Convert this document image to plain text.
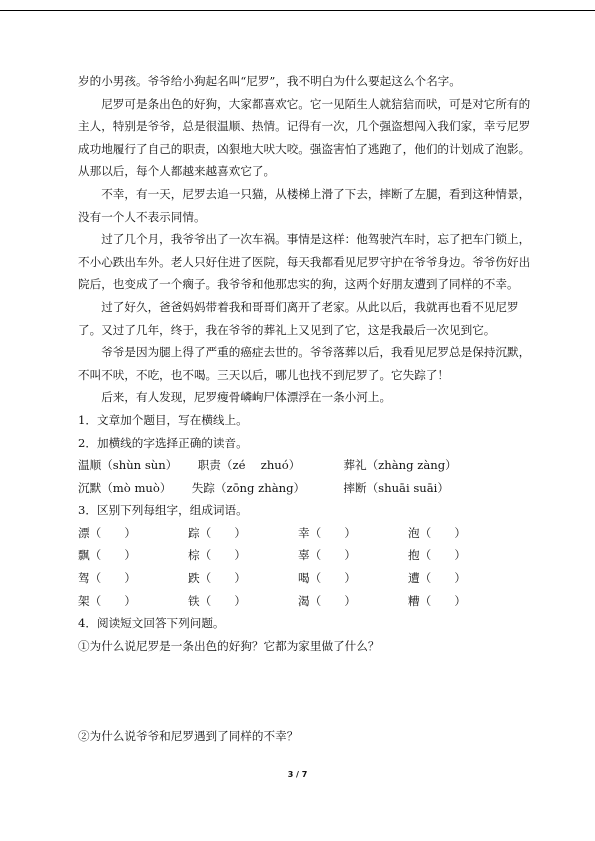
岁的小男孩。爷爷给小狗起名叫“尼罗”，我不明白为什么要起这么个名字。

尼罗可是条出色的好狗，大家都喜欢它。它一见陌生人就狺狺而吠，可是对它所有的主人，特别是爷爷，总是很温顺、热情。记得有一次，几个强盗想闯入我们家，幸亏尼罗成功地履行了自己的职责，凶狠地大吠大咬。强盗害怕了逃跑了，他们的计划成了泡影。从那以后，每个人都越来越喜欢它了。

不幸，有一天，尼罗去追一只猫，从楼梯上滑了下去，摔断了左腿，看到这种情景，没有一个人不表示同情。

过了几个月，我爷爷出了一次车祸。事情是这样：他驾驶汽车时，忘了把车门锁上，不小心跌出车外。老人只好住进了医院，每天我都看见尼罗守护在爷爷身边。爷爷伤好出院后，也变成了一个瘸子。我爷爷和他那忠实的狗，这两个好朋友遭到了同样的不幸。

过了好久，爸爸妈妈带着我和哥哥们离开了老家。从此以后，我就再也看不见尼罗了。又过了几年，终于，我在爷爷的葬礼上又见到了它，这是我最后一次见到它。

爷爷是因为腿上得了严重的癌症去世的。爷爷落葬以后，我看见尼罗总是保持沉默，不叫不吠，不吃，也不喝。三天以后，哪儿也找不到尼罗了。它失踪了！

后来，有人发现，尼罗瘦骨嶙峋尸体漂浮在一条小河上。

1．文章加个题目，写在横线上。

2．加横线的字选择正确的读音。

温顺（shùn sùn） 职责（zé　 zhuó）	葬礼（zhàng zàng）

沉默（mò muò） 失踪（zōng zhàng）	摔断（shuāi suāi）

3．区别下列每组字，组成词语。

漂（　　）	踪（　　）	幸（　　）	泡（　　）
飘（　　）	棕（　　）	辜（　　）	抱（　　）
驾（　　）	跌（　　）	喝（　　）	遭（　　）
架（　　）	铁（　　）	渴（　　）	糟（　　）

4．阅读短文回答下列问题。

①为什么说尼罗是一条出色的好狗？它都为家里做了什么？

②为什么说爷爷和尼罗遇到了同样的不幸？

3 / 7
